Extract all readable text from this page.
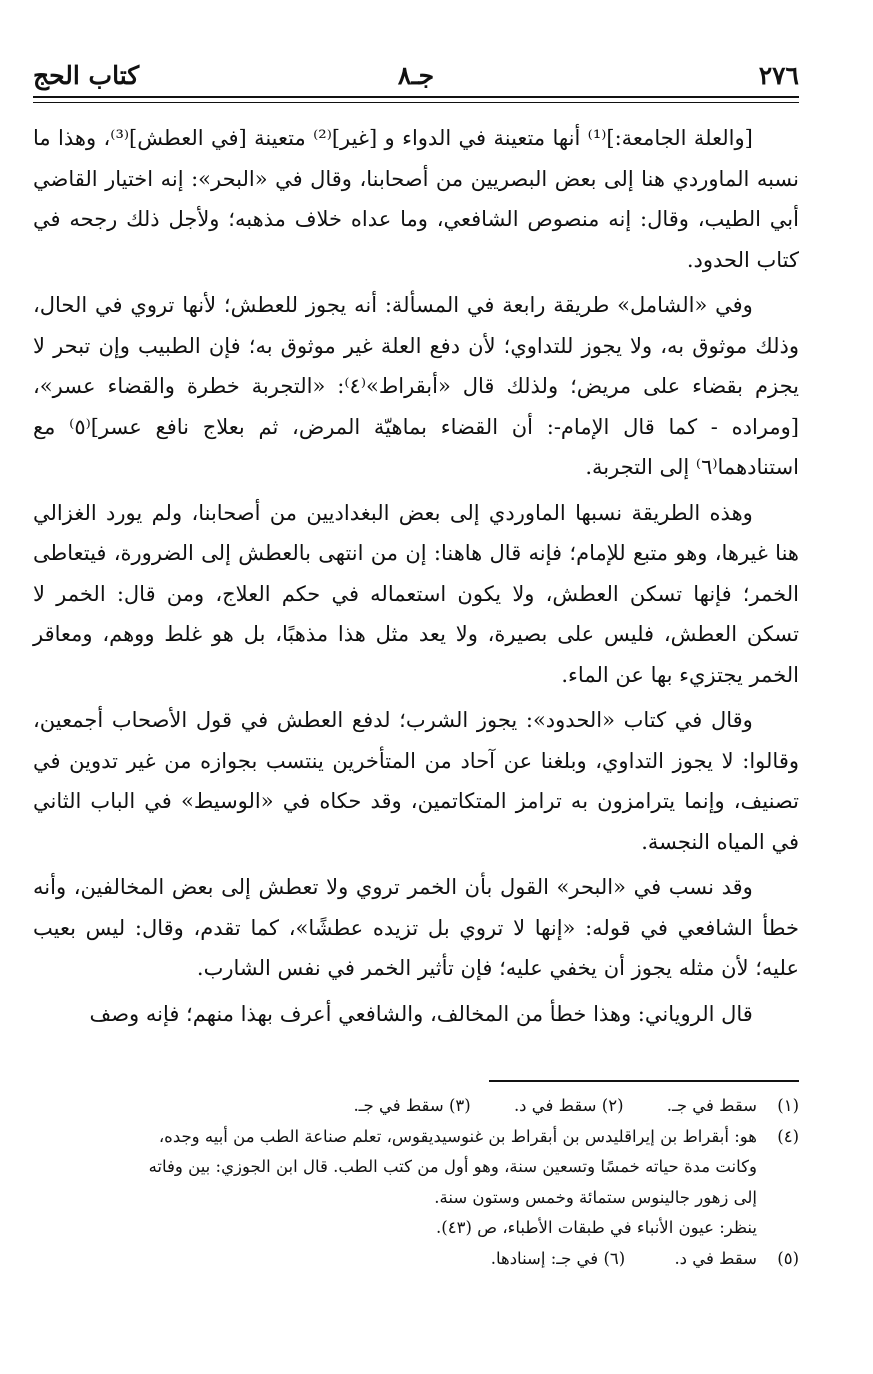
٢٧٦
جـ٨
كتاب الحج

[والعلة الجامعة:]⁽¹⁾ أنها متعينة في الدواء و [غير]⁽²⁾ متعينة [في العطش]⁽³⁾، وهذا ما نسبه الماوردي هنا إلى بعض البصريين من أصحابنا، وقال في «البحر»: إنه اختيار القاضي أبي الطيب، وقال: إنه منصوص الشافعي، وما عداه خلاف مذهبه؛ ولأجل ذلك رجحه في كتاب الحدود.

وفي «الشامل» طريقة رابعة في المسألة: أنه يجوز للعطش؛ لأنها تروي في الحال، وذلك موثوق به، ولا يجوز للتداوي؛ لأن دفع العلة غير موثوق به؛ فإن الطبيب وإن تبحر لا يجزم بقضاء على مريض؛ ولذلك قال «أبقراط»⁽٤⁾: «التجربة خطرة والقضاء عسر»، [ومراده - كما قال الإمام-: أن القضاء بماهيّة المرض، ثم بعلاج نافع عسر]⁽٥⁾ مع استنادهما⁽٦⁾ إلى التجربة.

وهذه الطريقة نسبها الماوردي إلى بعض البغداديين من أصحابنا، ولم يورد الغزالي هنا غيرها، وهو متبع للإمام؛ فإنه قال هاهنا: إن من انتهى بالعطش إلى الضرورة، فيتعاطى الخمر؛ فإنها تسكن العطش، ولا يكون استعماله في حكم العلاج، ومن قال: الخمر لا تسكن العطش، فليس على بصيرة، ولا يعد مثل هذا مذهبًا، بل هو غلط ووهم، ومعاقر الخمر يجتزيء بها عن الماء.

وقال في كتاب «الحدود»: يجوز الشرب؛ لدفع العطش في قول الأصحاب أجمعين، وقالوا: لا يجوز التداوي، وبلغنا عن آحاد من المتأخرين ينتسب بجوازه من غير تدوين في تصنيف، وإنما يترامزون به ترامز المتكاتمين، وقد حكاه في «الوسيط» في الباب الثاني في المياه النجسة.

وقد نسب في «البحر» القول بأن الخمر تروي ولا تعطش إلى بعض المخالفين، وأنه خطأ الشافعي في قوله: «إنها لا تروي بل تزيده عطشًا»، كما تقدم، وقال: ليس بعيب عليه؛ لأن مثله يجوز أن يخفي عليه؛ فإن تأثير الخمر في نفس الشارب.

قال الروياني: وهذا خطأ من المخالف، والشافعي أعرف بهذا منهم؛ فإنه وصف

(١)
سقط في جـ. (٢) سقط في د. (٣) سقط في جـ.
(٤)
هو: أبقراط بن إيراقليدس بن أبقراط بن غنوسيديقوس، تعلم صناعة الطب من أبيه وجده،
وكانت مدة حياته خمسًا وتسعين سنة، وهو أول من كتب الطب. قال ابن الجوزي: بين وفاته
إلى زهور جالينوس ستمائة وخمس وستون سنة.
ينظر: عيون الأنباء في طبقات الأطباء، ص (٤٣).
(٥)
سقط في د. (٦) في جـ: إسنادها.
